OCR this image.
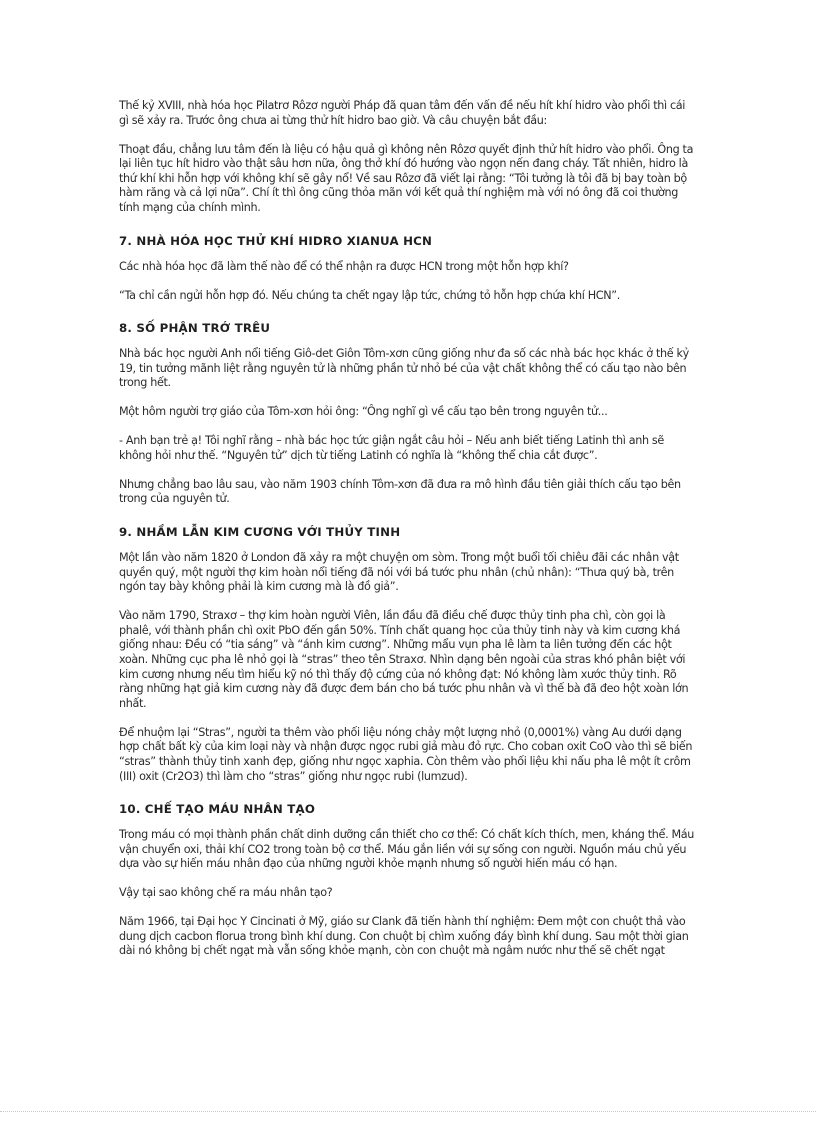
Thế kỷ XVIII, nhà hóa học Pilatrơ Rôzơ người Pháp đã quan tâm đến vấn đề nếu hít khí hidro vào phổi thì cái gì sẽ xảy ra. Trước ông chưa ai từng thử hít hidro bao giờ. Và câu chuyện bắt đầu:

Thoạt đầu, chẳng lưu tâm đến là liệu có hậu quả gì không nên Rôzơ quyết định thử hít hidro vào phổi. Ông ta lại liên tục hít hidro vào thật sâu hơn nữa, ông thở khí đó hướng vào ngọn nến đang cháy. Tất nhiên, hidro là thứ khí khi hỗn hợp với không khí sẽ gây nổ! Về sau Rôzơ đã viết lại rằng: “Tôi tưởng là tôi đã bị bay toàn bộ hàm răng và cả lợi nữa”. Chí ít thì ông cũng thỏa mãn với kết quả thí nghiệm mà với nó ông đã coi thường tính mạng của chính mình.

7. NHÀ HÓA HỌC THỬ KHÍ HIDRO XIANUA HCN

Các nhà hóa học đã làm thế nào để có thể nhận ra được HCN trong một hỗn hợp khí?

“Ta chỉ cần ngửi hỗn hợp đó. Nếu chúng ta chết ngay lập tức, chứng tỏ hỗn hợp chứa khí HCN”.

8. SỐ PHẬN TRỚ TRÊU

Nhà bác học người Anh nổi tiếng Giô-det Giôn Tôm-xơn cũng giống như đa số các nhà bác học khác ở thế kỷ 19, tin tưởng mãnh liệt rằng nguyên tử là những phần tử nhỏ bé của vật chất không thể có cấu tạo nào bên trong hết.

Một hôm người trợ giáo của Tôm-xơn hỏi ông: “Ông nghĩ gì về cấu tạo bên trong nguyên tử...

- Anh bạn trẻ ạ! Tôi nghĩ rằng – nhà bác học tức giận ngắt câu hỏi – Nếu anh biết tiếng Latinh thì anh sẽ không hỏi như thế. “Nguyên tử” dịch từ tiếng Latinh có nghĩa là “không thể chia cắt được”.

Nhưng chẳng bao lâu sau, vào năm 1903 chính Tôm-xơn đã đưa ra mô hình đầu tiên giải thích cấu tạo bên trong của nguyên tử.

9. NHẦM LẪN KIM CƯƠNG VỚI THỦY TINH

Một lần vào năm 1820 ở London đã xảy ra một chuyện om sòm. Trong một buổi tối chiêu đãi các nhân vật quyền quý, một người thợ kim hoàn nổi tiếng đã nói với bá tước phu nhân (chủ nhân): “Thưa quý bà, trên ngón tay bày không phải là kim cương mà là đồ giả”.

Vào năm 1790, Straxơ – thợ kim hoàn người Viên, lần đầu đã điều chế được thủy tinh pha chì, còn gọi là phalê, với thành phần chì oxit PbO đến gần 50%. Tính chất quang học của thủy tinh này và kim cương khá giống nhau: Đều có “tia sáng” và “ánh kim cương”. Những mẩu vụn pha lê làm ta liên tưởng đến các hột xoàn. Những cục pha lê nhỏ gọi là “stras” theo tên Straxơ. Nhìn dạng bên ngoài của stras khó phân biệt với kim cương nhưng nếu tìm hiểu kỹ nó thì thấy độ cứng của nó không đạt: Nó không làm xước thủy tinh. Rõ ràng những hạt giả kim cương này đã được đem bán cho bá tước phu nhân và vì thế bà đã đeo hột xoàn lớn nhất.

Để nhuộm lại “Stras”, người ta thêm vào phối liệu nóng chảy một lượng nhỏ (0,0001%) vàng Au dưới dạng hợp chất bất kỳ của kim loại này và nhận được ngọc rubi giả màu đỏ rực. Cho coban oxit CoO vào thì sẽ biến “stras” thành thủy tinh xanh đẹp, giống như ngọc xaphia. Còn thêm vào phối liệu khi nấu pha lê một ít crôm (III) oxit (Cr2O3) thì làm cho “stras” giống như ngọc rubi (lumzud).

10. CHẾ TẠO MÁU NHÂN TẠO

Trong máu có mọi thành phần chất dinh dưỡng cần thiết cho cơ thể: Có chất kích thích, men, kháng thể. Máu vận chuyển oxi, thải khí CO2 trong toàn bộ cơ thể. Máu gắn liền với sự sống con người. Nguồn máu chủ yếu dựa vào sự hiến máu nhân đạo của những người khỏe mạnh nhưng số người hiến máu có hạn.

Vậy tại sao không chế ra máu nhân tạo?

Năm 1966, tại Đại học Y Cincinati ở Mỹ, giáo sư Clank đã tiến hành thí nghiệm: Đem một con chuột thả vào dung dịch cacbon florua trong bình khí dung. Con chuột bị chìm xuống đáy bình khí dung. Sau một thời gian dài nó không bị chết ngạt mà vẫn sống khỏe mạnh, còn con chuột mà ngâm nước như thế sẽ chết ngạt
